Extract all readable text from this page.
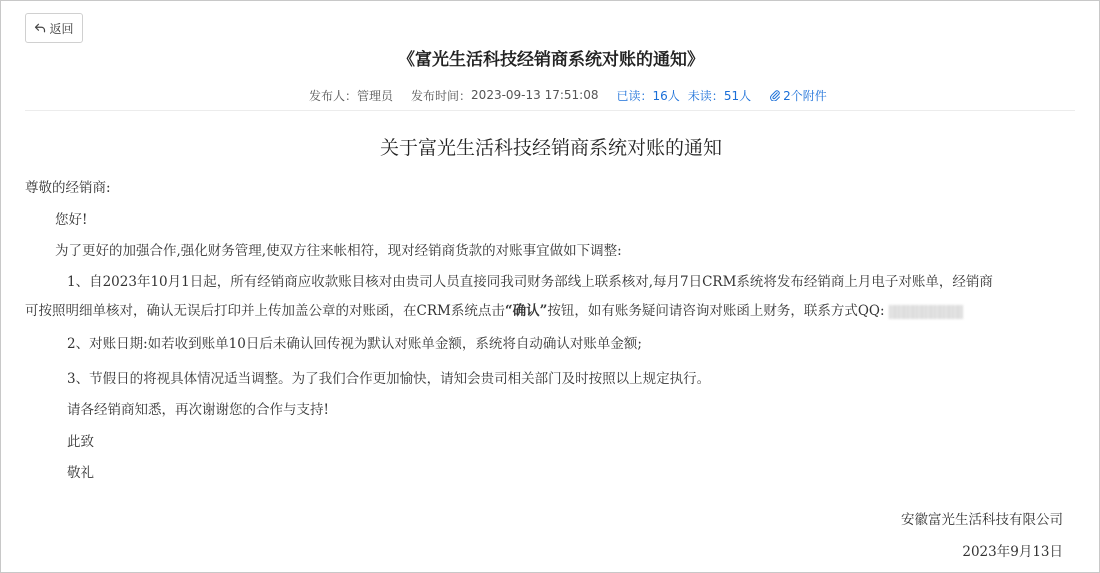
返回
《富光生活科技经销商系统对账的通知》
发布人： 管理员 发布时间： 2023-09-13 17:51:08 已读： 16人 未读： 51人	2个附件
关于富光生活科技经销商系统对账的通知
尊敬的经销商:
您好!
为了更好的加强合作,强化财务管理,使双方往来帐相符，现对经销商货款的对账事宜做如下调整:
1、自2023年10月1日起，所有经销商应收款账目核对由贵司人员直接同我司财务部线上联系核对,每月7日CRM系统将发布经销商上月电子对账单，经销商
可按照明细单核对，确认无误后打印并上传加盖公章的对账函，在CRM系统点击“确认”按钮，如有账务疑问请咨询对账函上财务，联系方式QQ:
2、对账日期:如若收到账单10日后未确认回传视为默认对账单金额，系统将自动确认对账单金额;
3、节假日的将视具体情况适当调整。为了我们合作更加愉快，请知会贵司相关部门及时按照以上规定执行。
请各经销商知悉，再次谢谢您的合作与支持!
此致
敬礼
安徽富光生活科技有限公司
2023年9月13日
